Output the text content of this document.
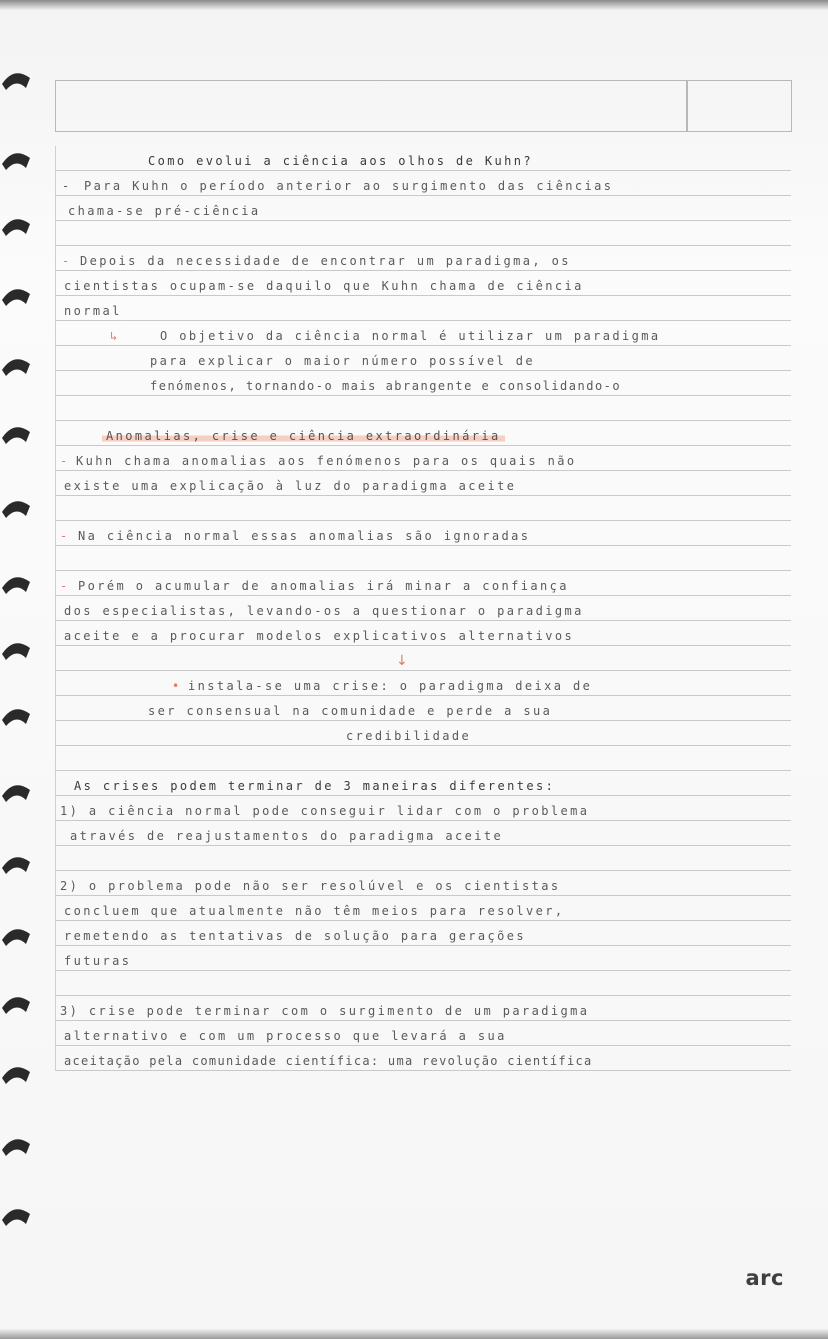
Como evolui a ciência aos olhos de Kuhn?
- Para Kuhn o período anterior ao surgimento das ciências
chama-se pré-ciência
- Depois da necessidade de encontrar um paradigma, os
cientistas ocupam-se daquilo que Kuhn chama de ciência
normal
↳	O objetivo da ciência normal é utilizar um paradigma
para explicar o maior número possível de
fenómenos, tornando-o mais abrangente e consolidando-o
Anomalias, crise e ciência extraordinária
- Kuhn chama anomalias aos fenómenos para os quais não
existe uma explicação à luz do paradigma aceite
- Na ciência normal essas anomalias são ignoradas
- Porém o acumular de anomalias irá minar a confiança
dos especialistas, levando-os a questionar o paradigma
aceite e a procurar modelos explicativos alternativos
↓
• instala-se uma crise: o paradigma deixa de
ser consensual na comunidade e perde a sua
credibilidade
As crises podem terminar de 3 maneiras diferentes:
1) a ciência normal pode conseguir lidar com o problema
através de reajustamentos do paradigma aceite
2) o problema pode não ser resolúvel e os cientistas
concluem que atualmente não têm meios para resolver,
remetendo as tentativas de solução para gerações
futuras
3) crise pode terminar com o surgimento de um paradigma
alternativo e com um processo que levará a sua
aceitação pela comunidade científica: uma revolução científica
arc
